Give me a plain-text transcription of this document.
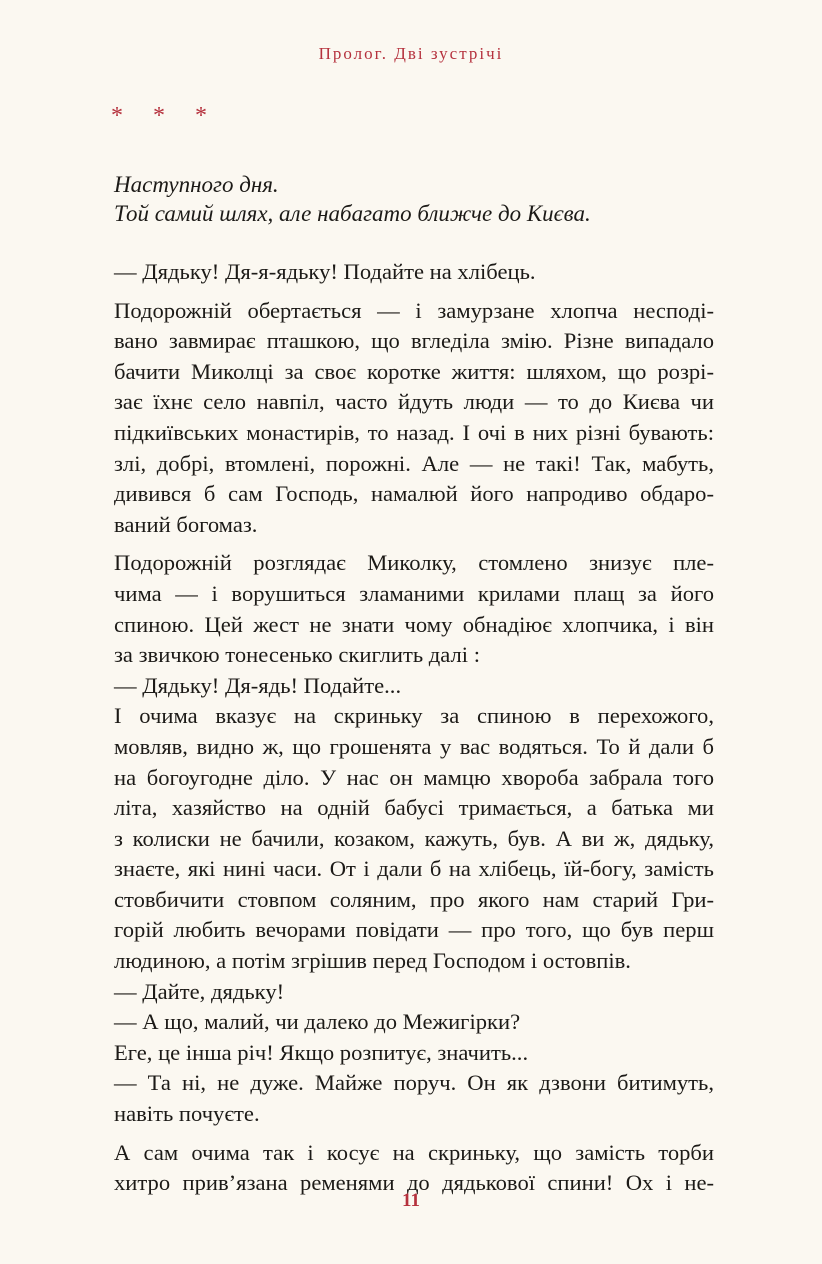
Пролог. Дві зустрічі
* * *
Наступного дня.
Той самий шлях, але набагато ближче до Києва.
— Дядьку! Дя-я-ядьку! Подайте на хлібець.
Подорожній обертається — і замурзане хлопча несподі-
вано завмирає пташкою, що вгледіла змію. Різне випадало
бачити Миколці за своє коротке життя: шляхом, що розрі-
зає їхнє село навпіл, часто йдуть люди — то до Києва чи
підкиївських монастирів, то назад. І очі в них різні бувають:
злі, добрі, втомлені, порожні. Але — не такі! Так, мабуть,
дивився б сам Господь, намалюй його напродиво обдаро-
ваний богомаз.
Подорожній розглядає Миколку, стомлено знизує пле-
чима — і ворушиться зламаними крилами плащ за його
спиною. Цей жест не знати чому обнадіює хлопчика, і він
за звичкою тонесенько скиглить далі :
— Дядьку! Дя-ядь! Подайте...
І очима вказує на скриньку за спиною в перехожого,
мовляв, видно ж, що грошенята у вас водяться. То й дали б
на богоугодне діло. У нас он мамцю хвороба забрала того
літа, хазяйство на одній бабусі тримається, а батька ми
з колиски не бачили, козаком, кажуть, був. А ви ж, дядьку,
знаєте, які нині часи. От і дали б на хлібець, їй-богу, замість
стовбичити стовпом соляним, про якого нам старий Гри-
горій любить вечорами повідати — про того, що був перш
людиною, а потім згрішив перед Господом і остовпів.
— Дайте, дядьку!
— А що, малий, чи далеко до Межигірки?
Еге, це інша річ! Якщо розпитує, значить...
— Та ні, не дуже. Майже поруч. Он як дзвони битимуть,
навіть почуєте.
А сам очима так і косує на скриньку, що замість торби
хитро прив’язана ременями до дядькової спини! Ох і не-
11
